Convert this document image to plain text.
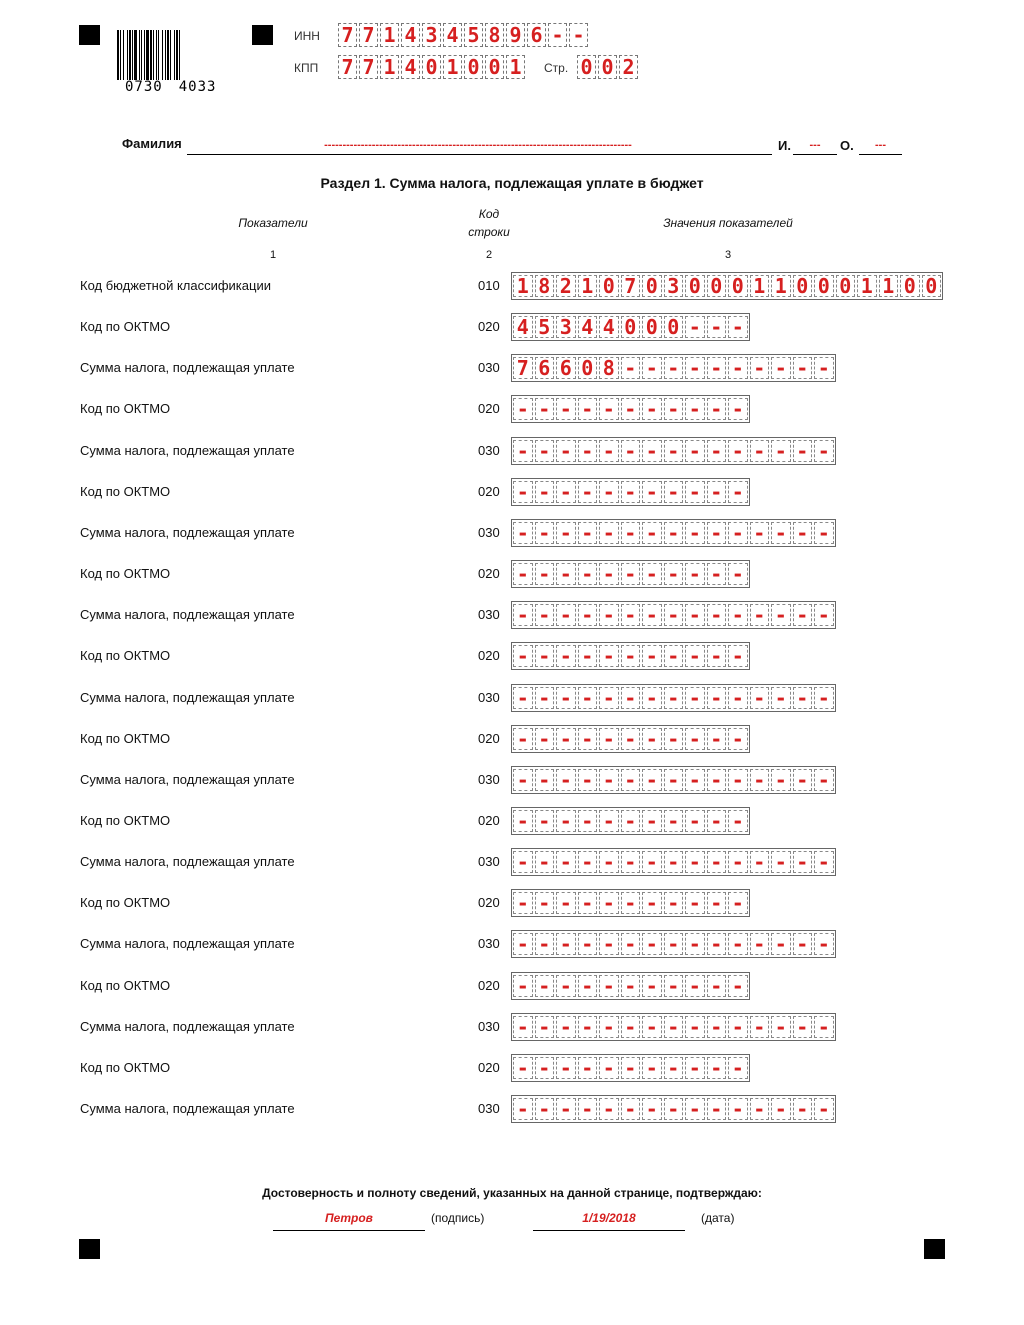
0730 4033
ИНН 7 7 1 4 3 4 5 8 9 6 - -
КПП 7 7 1 4 0 1 0 0 1 Стр. 0 0 2
Фамилия	------------------------------------------------------------------------------------	И.	---	О.	---
Раздел 1. Сумма налога, подлежащая уплате в бюджет
Показатели
Код
строки
Значения показателей
1	2	3
Код бюджетной классификации	010 1 8 2 1 0 7 0 3 0 0 0 1 1 0 0 0 1 1 0 0
Код по ОКТМО	020 4 5 3 4 4 0 0 0 - - -
Сумма налога, подлежащая уплате	030 7 6 6 0 8 - - - - - - - - - -
Код по ОКТМО	020 - - - - - - - - - - -
Сумма налога, подлежащая уплате	030 - - - - - - - - - - - - - - -
Код по ОКТМО	020 - - - - - - - - - - -
Сумма налога, подлежащая уплате	030 - - - - - - - - - - - - - - -
Код по ОКТМО	020 - - - - - - - - - - -
Сумма налога, подлежащая уплате	030 - - - - - - - - - - - - - - -
Код по ОКТМО	020 - - - - - - - - - - -
Сумма налога, подлежащая уплате	030 - - - - - - - - - - - - - - -
Код по ОКТМО	020 - - - - - - - - - - -
Сумма налога, подлежащая уплате	030 - - - - - - - - - - - - - - -
Код по ОКТМО	020 - - - - - - - - - - -
Сумма налога, подлежащая уплате	030 - - - - - - - - - - - - - - -
Код по ОКТМО	020 - - - - - - - - - - -
Сумма налога, подлежащая уплате	030 - - - - - - - - - - - - - - -
Код по ОКТМО	020 - - - - - - - - - - -
Сумма налога, подлежащая уплате	030 - - - - - - - - - - - - - - -
Код по ОКТМО	020 - - - - - - - - - - -
Сумма налога, подлежащая уплате	030 - - - - - - - - - - - - - - -
Достоверность и полноту сведений, указанных на данной странице, подтверждаю:
Петров	(подпись)	1/19/2018	(дата)
